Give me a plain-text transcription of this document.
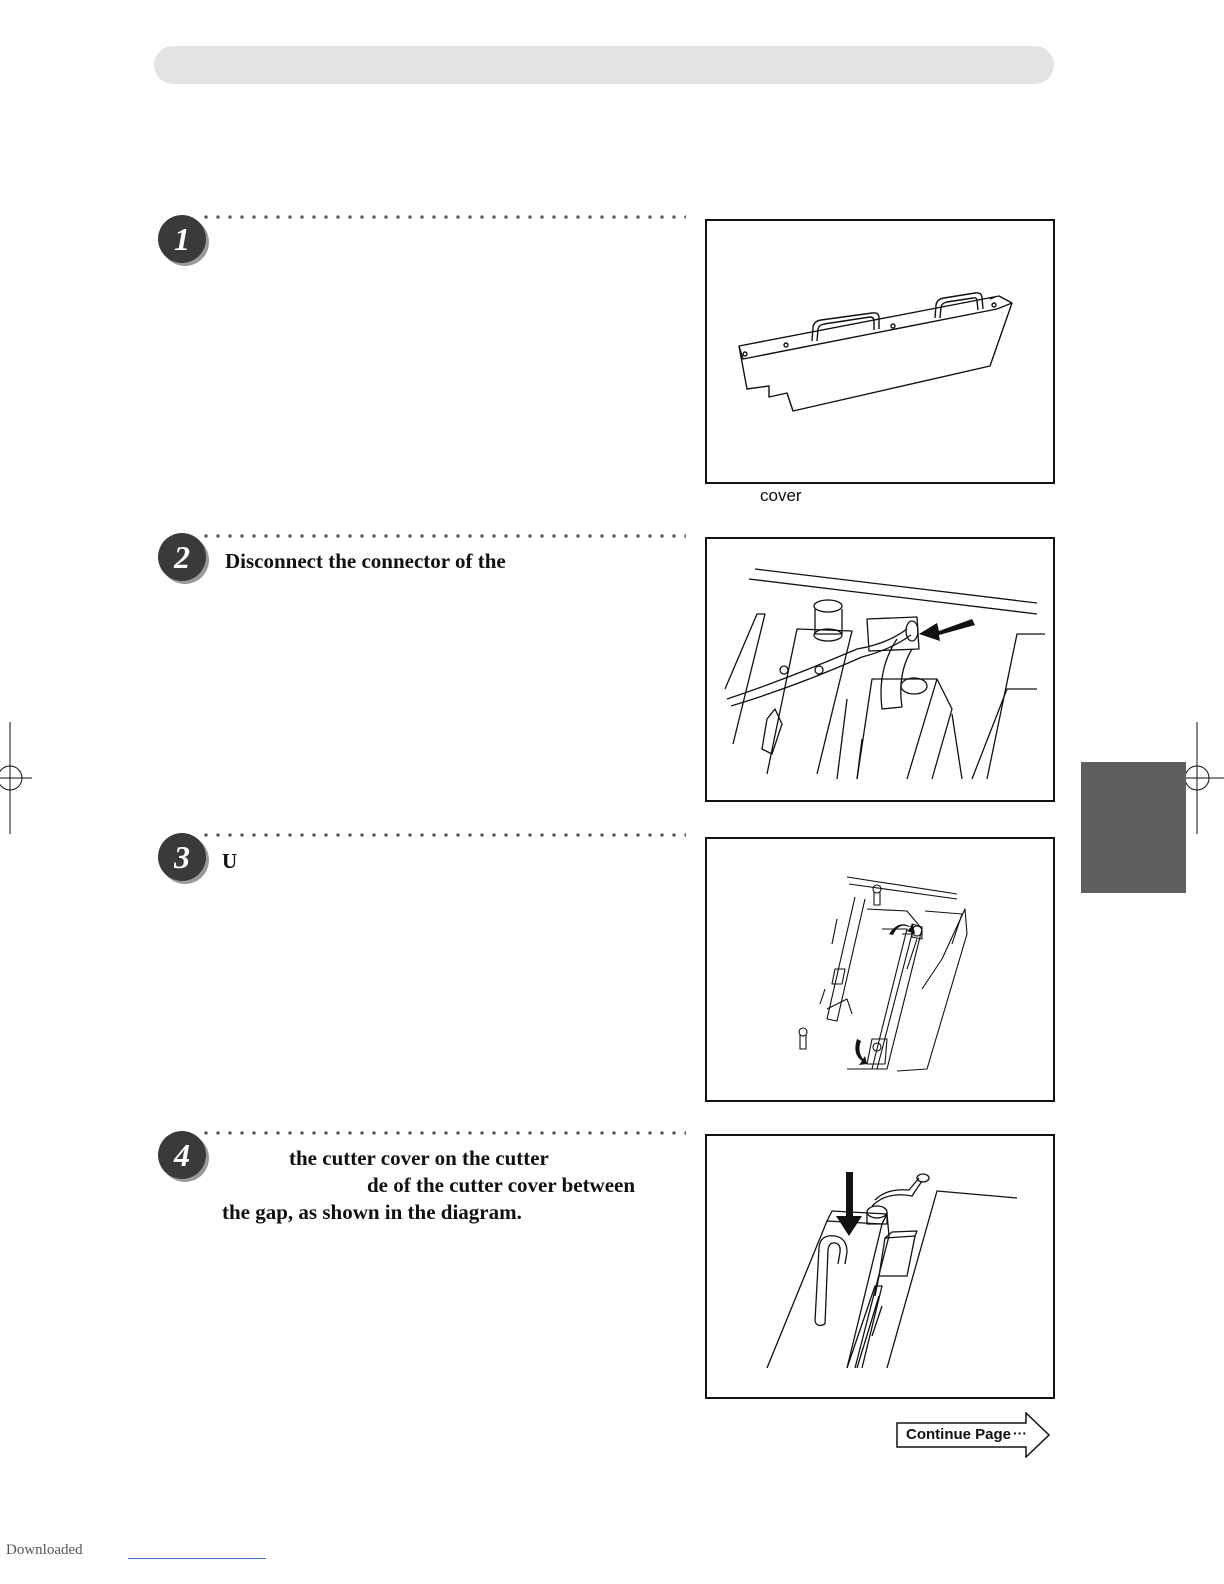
1
cover
2 Disconnect the connector of the

3 U

4	the cutter cover on the cutter

de of the cutter cover between

the gap, as shown in the diagram.

Continue Page ···
Downloaded
